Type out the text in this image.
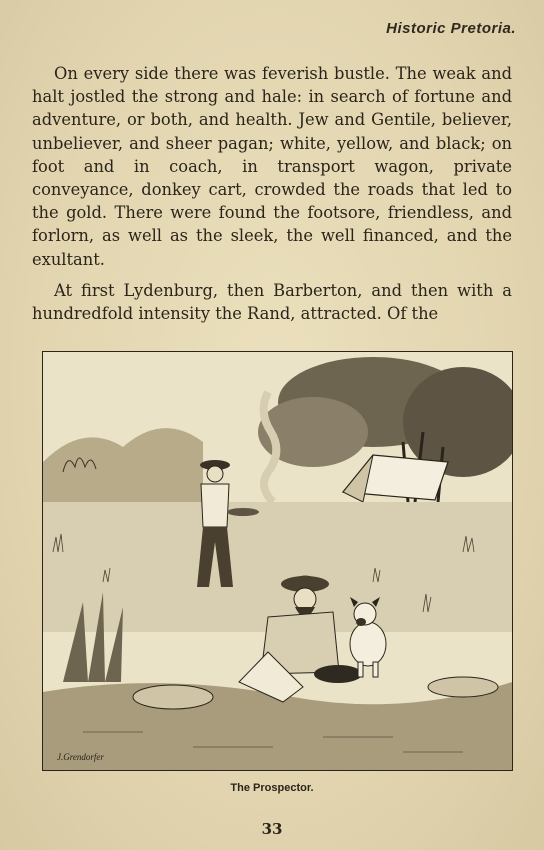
Historic Pretoria.

On every side there was feverish bustle. The weak and halt jostled the strong and hale: in search of fortune and adventure, or both, and health. Jew and Gentile, believer, unbeliever, and sheer pagan; white, yellow, and black; on foot and in coach, in transport wagon, private conveyance, donkey cart, crowded the roads that led to the gold. There were found the footsore, friendless, and forlorn, as well as the sleek, the well financed, and the exultant.

At first Lydenburg, then Barberton, and then with a hundredfold intensity the Rand, attracted. Of the

J.Grendorfer
The Prospector.
33
